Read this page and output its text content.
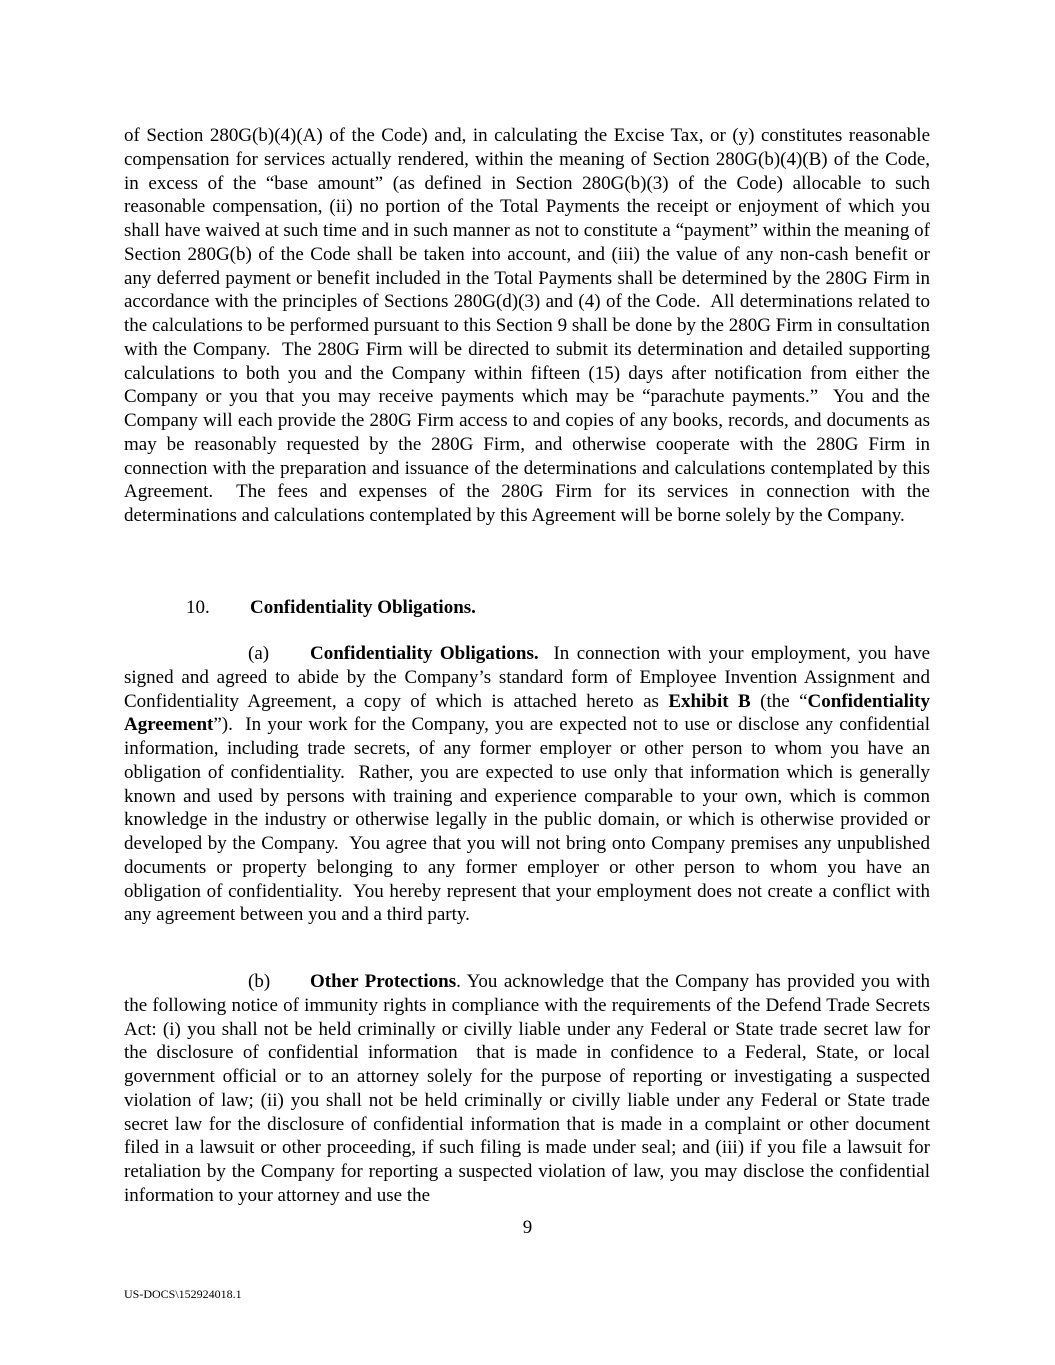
of Section 280G(b)(4)(A) of the Code) and, in calculating the Excise Tax, or (y) constitutes reasonable compensation for services actually rendered, within the meaning of Section 280G(b)(4)(B) of the Code, in excess of the “base amount” (as defined in Section 280G(b)(3) of the Code) allocable to such reasonable compensation, (ii) no portion of the Total Payments the receipt or enjoyment of which you shall have waived at such time and in such manner as not to constitute a “payment” within the meaning of Section 280G(b) of the Code shall be taken into account, and (iii) the value of any non-cash benefit or any deferred payment or benefit included in the Total Payments shall be determined by the 280G Firm in accordance with the principles of Sections 280G(d)(3) and (4) of the Code.  All determinations related to the calculations to be performed pursuant to this Section 9 shall be done by the 280G Firm in consultation with the Company.  The 280G Firm will be directed to submit its determination and detailed supporting calculations to both you and the Company within fifteen (15) days after notification from either the Company or you that you may receive payments which may be “parachute payments.”  You and the Company will each provide the 280G Firm access to and copies of any books, records, and documents as may be reasonably requested by the 280G Firm, and otherwise cooperate with the 280G Firm in connection with the preparation and issuance of the determinations and calculations contemplated by this Agreement.  The fees and expenses of the 280G Firm for its services in connection with the determinations and calculations contemplated by this Agreement will be borne solely by the Company.

10. Confidentiality Obligations.

(a) Confidentiality Obligations.  In connection with your employment, you have signed and agreed to abide by the Company’s standard form of Employee Invention Assignment and Confidentiality Agreement, a copy of which is attached hereto as Exhibit B (the “Confidentiality Agreement”).  In your work for the Company, you are expected not to use or disclose any confidential information, including trade secrets, of any former employer or other person to whom you have an obligation of confidentiality.  Rather, you are expected to use only that information which is generally known and used by persons with training and experience comparable to your own, which is common knowledge in the industry or otherwise legally in the public domain, or which is otherwise provided or developed by the Company.  You agree that you will not bring onto Company premises any unpublished documents or property belonging to any former employer or other person to whom you have an obligation of confidentiality.  You hereby represent that your employment does not create a conflict with any agreement between you and a third party.

(b) Other Protections. You acknowledge that the Company has provided you with the following notice of immunity rights in compliance with the requirements of the Defend Trade Secrets Act: (i) you shall not be held criminally or civilly liable under any Federal or State trade secret law for the disclosure of confidential information  that is made in confidence to a Federal, State, or local government official or to an attorney solely for the purpose of reporting or investigating a suspected violation of law; (ii) you shall not be held criminally or civilly liable under any Federal or State trade secret law for the disclosure of confidential information that is made in a complaint or other document filed in a lawsuit or other proceeding, if such filing is made under seal; and (iii) if you file a lawsuit for retaliation by the Company for reporting a suspected violation of law, you may disclose the confidential information to your attorney and use the

9

US-DOCS\152924018.1
